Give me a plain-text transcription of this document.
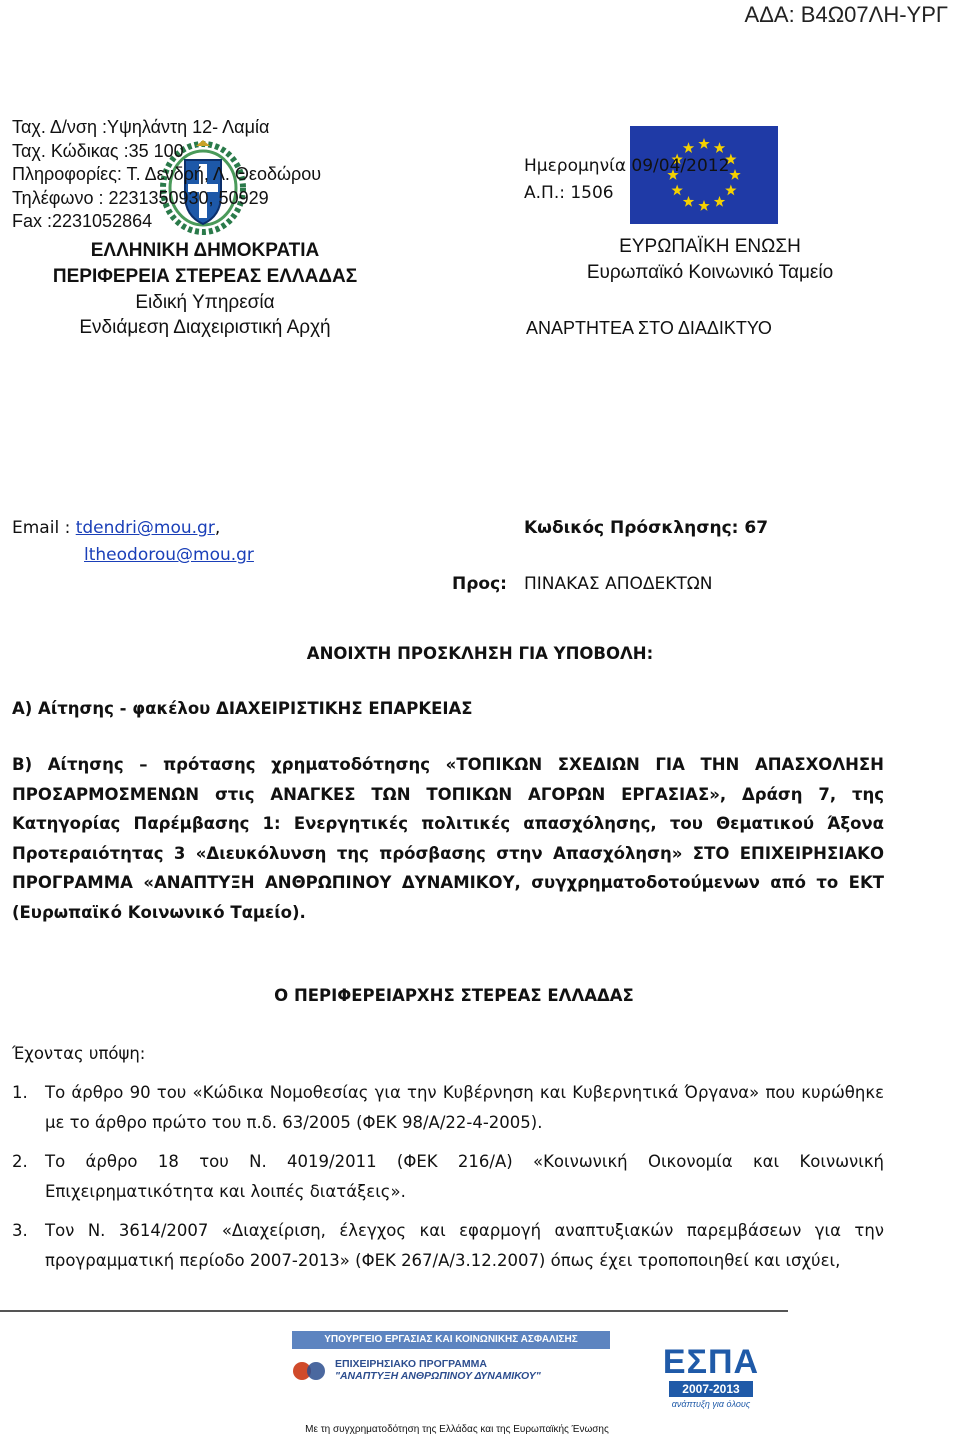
ΑΔΑ: Β4Ω07ΛΗ-ΥΡΓ
ΕΛΛΗΝΙΚΗ ΔΗΜΟΚΡΑΤΙΑ
ΠΕΡΙΦΕΡΕΙΑ ΣΤΕΡΕΑΣ ΕΛΛΑΔΑΣ
Ειδική Υπηρεσία
Ενδιάμεση Διαχειριστική Αρχή
ΕΥΡΩΠΑΪΚΗ ΕΝΩΣΗ
Ευρωπαϊκό Κοινωνικό Ταμείο
ΑΝΑΡΤΗΤΕΑ ΣΤΟ ΔΙΑΔΙΚΤΥΟ
Ταχ. Δ/νση :Υψηλάντη 12- Λαμία
Ταχ. Κώδικας :35 100
Πληροφορίες: Τ. Δενδρή, Λ. Θεοδώρου
Τηλέφωνο : 2231350930, 50929
Fax :2231052864
Email : tdendri@mou.gr,
ltheodorou@mou.gr
Ημερομηνία 09/04/2012
Α.Π.: 1506
Κωδικός Πρόσκλησης: 67
Προς: ΠΙΝΑΚΑΣ ΑΠΟΔΕΚΤΩΝ
ΑΝΟΙΧΤΗ ΠΡΟΣΚΛΗΣΗ ΓΙΑ ΥΠΟΒΟΛΗ:
Α) Αίτησης - φακέλου ΔΙΑΧΕΙΡΙΣΤΙΚΗΣ ΕΠΑΡΚΕΙΑΣ
Β) Αίτησης – πρότασης χρηματοδότησης «ΤΟΠΙΚΩΝ ΣΧΕΔΙΩΝ ΓΙΑ ΤΗΝ ΑΠΑΣΧΟΛΗΣΗ ΠΡΟΣΑΡΜΟΣΜΕΝΩΝ στις ΑΝΑΓΚΕΣ ΤΩΝ ΤΟΠΙΚΩΝ ΑΓΟΡΩΝ ΕΡΓΑΣΙΑΣ», Δράση 7, της Κατηγορίας Παρέμβασης 1: Ενεργητικές πολιτικές απασχόλησης, του Θεματικού Άξονα Προτεραιότητας 3 «Διευκόλυνση της πρόσβασης στην Απασχόληση» ΣΤΟ ΕΠΙΧΕΙΡΗΣΙΑΚΟ ΠΡΟΓΡΑΜΜΑ «ΑΝΑΠΤΥΞΗ ΑΝΘΡΩΠΙΝΟΥ ΔΥΝΑΜΙΚΟΥ, συγχρηματοδοτούμενων από το ΕΚΤ (Ευρωπαϊκό Κοινωνικό Ταμείο).
Ο ΠΕΡΙΦΕΡΕΙΑΡΧΗΣ ΣΤΕΡΕΑΣ ΕΛΛΑΔΑΣ
Έχοντας υπόψη:
1. Το άρθρο 90 του «Κώδικα Νομοθεσίας για την Κυβέρνηση και Κυβερνητικά Όργανα» που κυρώθηκε με το άρθρο πρώτο του π.δ. 63/2005 (ΦΕΚ 98/Α/22-4-2005).
2. Το άρθρο 18 του Ν. 4019/2011 (ΦΕΚ 216/Α) «Κοινωνική Οικονομία και Κοινωνική Επιχειρηματικότητα και λοιπές διατάξεις».
3. Τον Ν. 3614/2007 «Διαχείριση, έλεγχος και εφαρμογή αναπτυξιακών παρεμβάσεων για την προγραμματική περίοδο 2007-2013» (ΦΕΚ 267/Α/3.12.2007) όπως έχει τροποποιηθεί και ισχύει,
ΥΠΟΥΡΓΕΙΟ ΕΡΓΑΣΙΑΣ ΚΑΙ ΚΟΙΝΩΝΙΚΗΣ ΑΣΦΑΛΙΣΗΣ
ΕΠΙΧΕΙΡΗΣΙΑΚΟ ΠΡΟΓΡΑΜΜΑ
"ΑΝΑΠΤΥΞΗ ΑΝΘΡΩΠΙΝΟΥ ΔΥΝΑΜΙΚΟΥ"	ΕΣΠΑ
2007-2013
ανάπτυξη για όλους
Με τη συγχρηματοδότηση της Ελλάδας και της Ευρωπαϊκής Ένωσης
